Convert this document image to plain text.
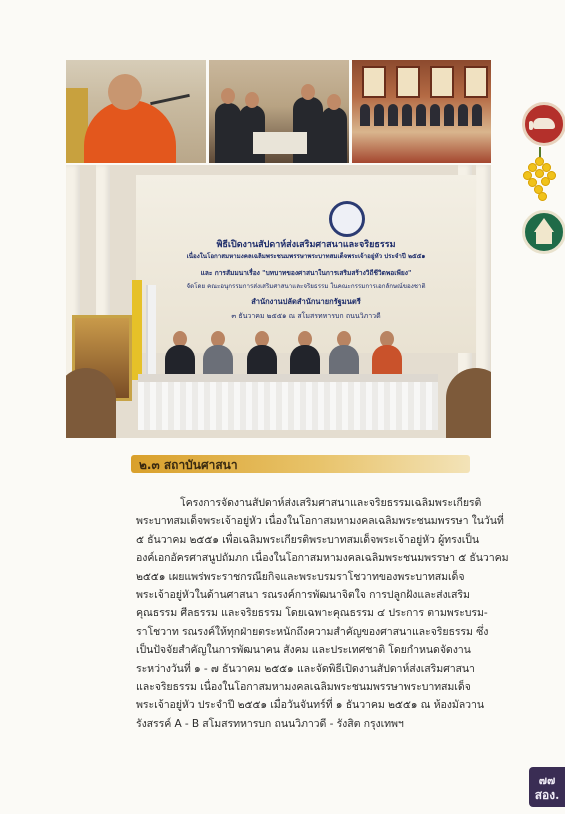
พิธีเปิดงานสัปดาห์ส่งเสริมศาสนาและจริยธรรม
เนื่องในโอกาสมหามงคลเฉลิมพระชนมพรรษาพระบาทสมเด็จพระเจ้าอยู่หัว ประจำปี ๒๕๕๑
และ การสัมมนาเรื่อง "บทบาทของศาสนาในการเสริมสร้างวิถีชีวิตพอเพียง"
จัดโดย คณะอนุกรรมการส่งเสริมศาสนาและจริยธรรม ในคณะกรรมการเอกลักษณ์ของชาติ
สำนักงานปลัดสำนักนายกรัฐมนตรี
๓ ธันวาคม ๒๕๕๑ ณ สโมสรทหารบก ถนนวิภาวดี
๒.๓ สถาบันศาสนา
โครงการจัดงานสัปดาห์ส่งเสริมศาสนาและจริยธรรมเฉลิมพระเกียรติ
พระบาทสมเด็จพระเจ้าอยู่หัว เนื่องในโอกาสมหามงคลเฉลิมพระชนมพรรษา ในวันที่
๕ ธันวาคม ๒๕๕๑ เพื่อเฉลิมพระเกียรติพระบาทสมเด็จพระเจ้าอยู่หัว ผู้ทรงเป็น
องค์เอกอัครศาสนูปถัมภก เนื่องในโอกาสมหามงคลเฉลิมพระชนมพรรษา ๕ ธันวาคม
๒๕๕๑ เผยแพร่พระราชกรณียกิจและพระบรมราโชวาทของพระบาทสมเด็จ
พระเจ้าอยู่หัวในด้านศาสนา รณรงค์การพัฒนาจิตใจ การปลูกฝังและส่งเสริม
คุณธรรม ศีลธรรม และจริยธรรม โดยเฉพาะคุณธรรม ๔ ประการ ตามพระบรม-
ราโชวาท รณรงค์ให้ทุกฝ่ายตระหนักถึงความสำคัญของศาสนาและจริยธรรม ซึ่ง
เป็นปัจจัยสำคัญในการพัฒนาคน สังคม และประเทศชาติ โดยกำหนดจัดงาน
ระหว่างวันที่ ๑ - ๗ ธันวาคม ๒๕๕๑ และจัดพิธีเปิดงานสัปดาห์ส่งเสริมศาสนา
และจริยธรรม เนื่องในโอกาสมหามงคลเฉลิมพระชนมพรรษาพระบาทสมเด็จ
พระเจ้าอยู่หัว ประจำปี ๒๕๕๑ เมื่อวันจันทร์ที่ ๑ ธันวาคม ๒๕๕๑ ณ ห้องมัลวาน
รังสรรค์ A - B สโมสรทหารบก ถนนวิภาวดี - รังสิต กรุงเทพฯ
๗๗
สอง.
